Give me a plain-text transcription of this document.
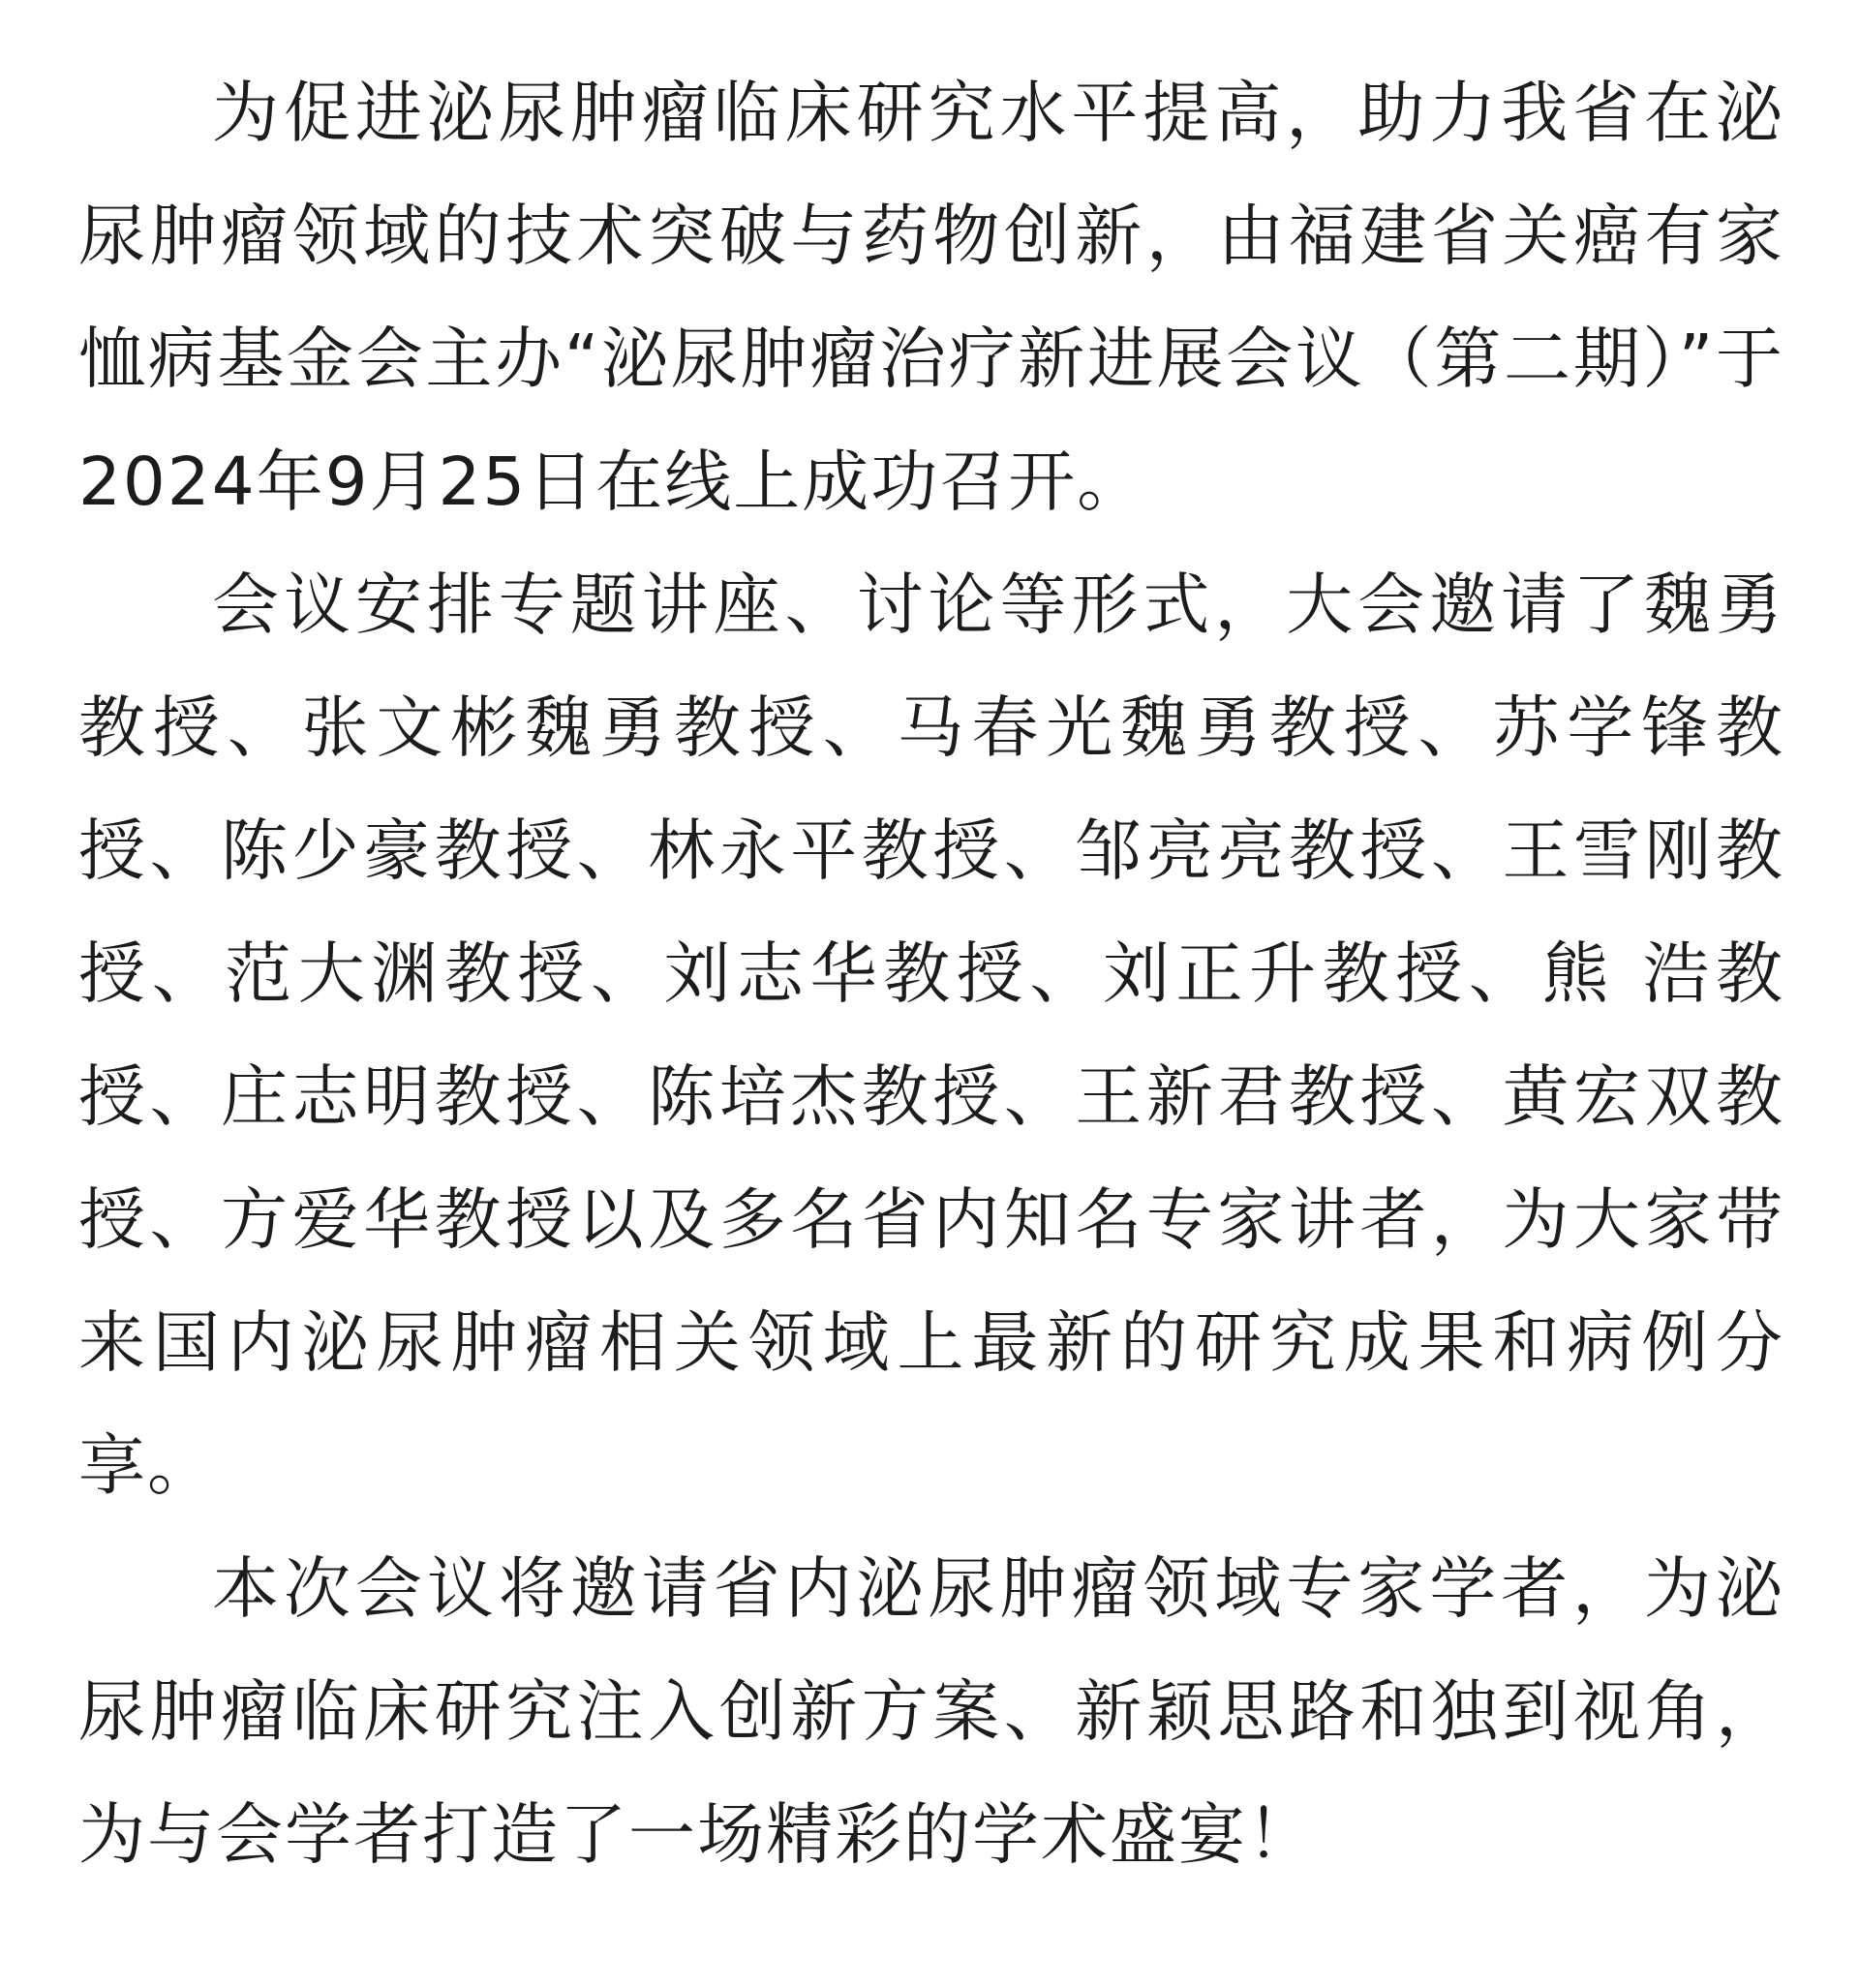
为促进泌尿肿瘤临床研究水平提高，助力我省在泌尿肿瘤领域的技术突破与药物创新，由福建省关癌有家恤病基金会主办“泌尿肿瘤治疗新进展会议（第二期）”于2024年9月25日在线上成功召开。

会议安排专题讲座、讨论等形式，大会邀请了魏勇教授、张文彬魏勇教授、马春光魏勇教授、苏学锋教授、陈少豪教授、林永平教授、邹亮亮教授、王雪刚教授、范大渊教授、刘志华教授、刘正升教授、熊 浩教授、庄志明教授、陈培杰教授、王新君教授、黄宏双教授、方爱华教授以及多名省内知名专家讲者，为大家带来国内泌尿肿瘤相关领域上最新的研究成果和病例分享。

本次会议将邀请省内泌尿肿瘤领域专家学者，为泌尿肿瘤临床研究注入创新方案、新颖思路和独到视角，为与会学者打造了一场精彩的学术盛宴！
